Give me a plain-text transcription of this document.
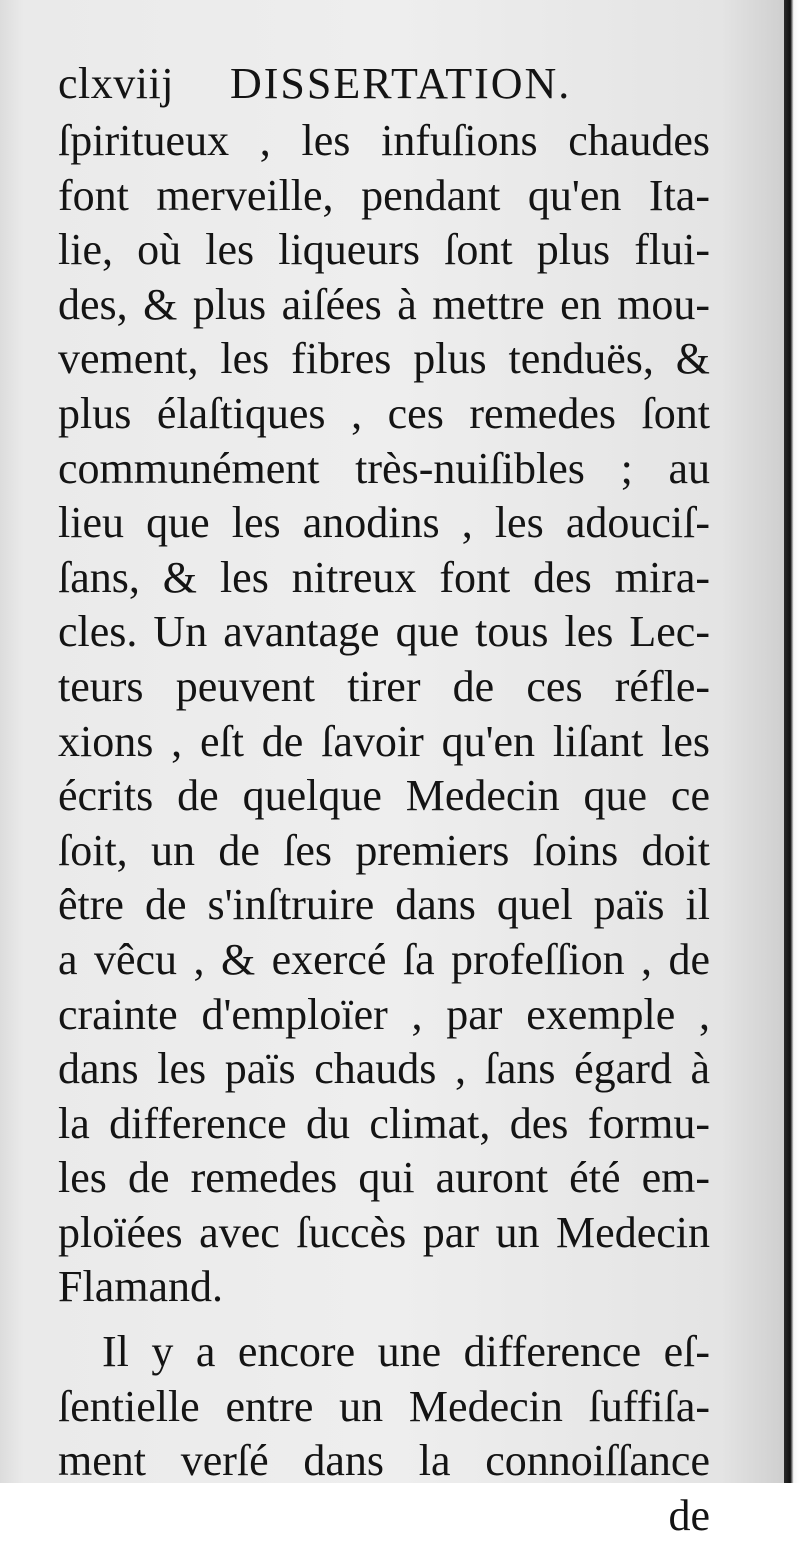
clxviij DISSERTATION.
ſpiritueux , les infuſions chaudes
font merveille, pendant qu'en Ita-
lie, où les liqueurs ſont plus flui-
des, & plus aiſées à mettre en mou-
vement, les fibres plus tenduës, &
plus élaſtiques , ces remedes ſont
communément très-nuiſibles ; au
lieu que les anodins , les adouciſ-
ſans, & les nitreux font des mira-
cles. Un avantage que tous les Lec-
teurs peuvent tirer de ces réfle-
xions , eſt de ſavoir qu'en liſant les
écrits de quelque Medecin que ce
ſoit, un de ſes premiers ſoins doit
être de s'inſtruire dans quel païs il
a vêcu , & exercé ſa profeſſion , de
crainte d'emploïer , par exemple ,
dans les païs chauds , ſans égard à
la difference du climat, des formu-
les de remedes qui auront été em-
ploïées avec ſuccès par un Medecin
Flamand.
Il y a encore une difference eſ-
ſentielle entre un Medecin ſuffiſa-
ment verſé dans la connoiſſance
de
